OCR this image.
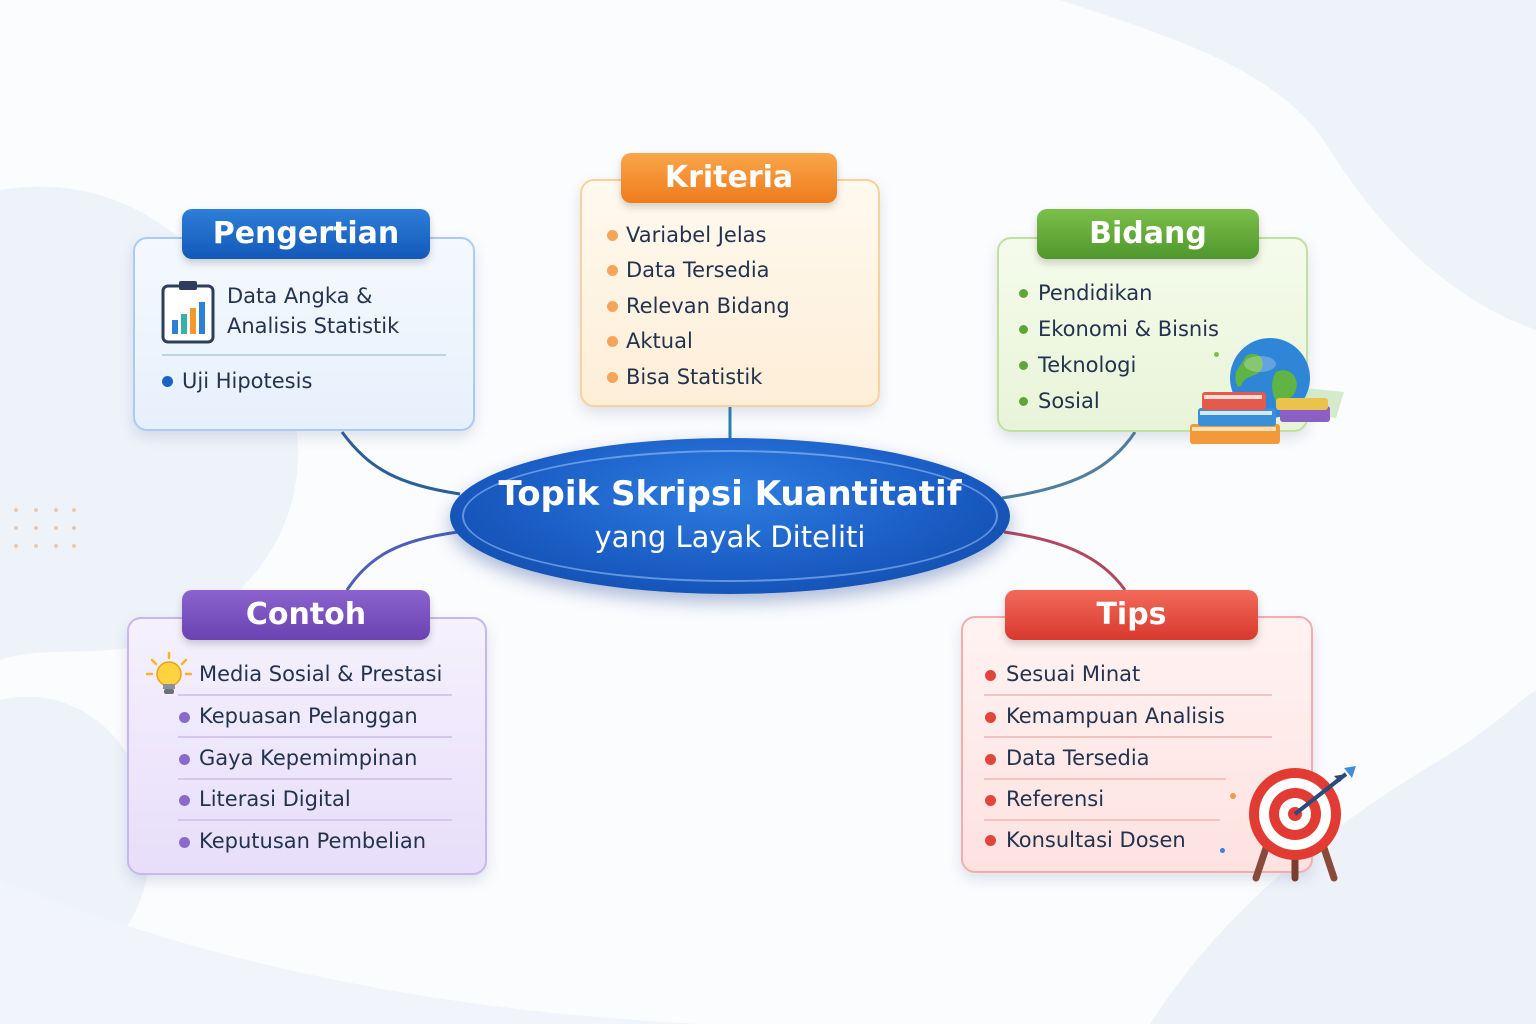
Topik Skripsi Kuantitatif
yang Layak Diteliti
Pengertian
Data Angka &
Analisis Statistik
Uji Hipotesis
Kriteria
Variabel Jelas
Data Tersedia
Relevan Bidang
Aktual
Bisa Statistik
Bidang
Pendidikan
Ekonomi & Bisnis
Teknologi
Sosial
Contoh
Media Sosial & Prestasi
Kepuasan Pelanggan
Gaya Kepemimpinan
Literasi Digital
Keputusan Pembelian
Tips
Sesuai Minat
Kemampuan Analisis
Data Tersedia
Referensi
Konsultasi Dosen
